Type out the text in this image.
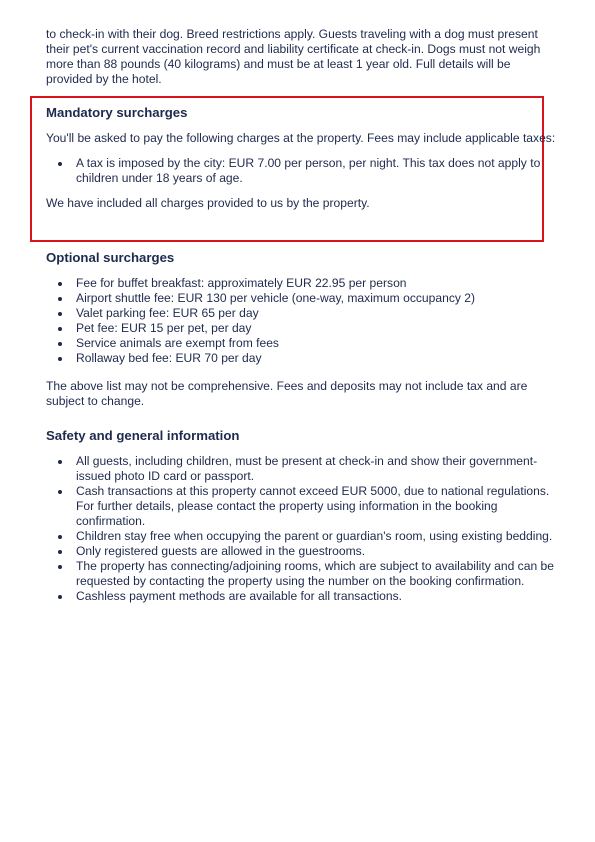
to check-in with their dog. Breed restrictions apply. Guests traveling with a dog must present their pet's current vaccination record and liability certificate at check-in. Dogs must not weigh more than 88 pounds (40 kilograms) and must be at least 1 year old. Full details will be provided by the hotel.

Mandatory surcharges

You'll be asked to pay the following charges at the property. Fees may include applicable taxes:

A tax is imposed by the city: EUR 7.00 per person, per night. This tax does not apply to children under 18 years of age.

We have included all charges provided to us by the property.

Optional surcharges
Fee for buffet breakfast: approximately EUR 22.95 per person
Airport shuttle fee: EUR 130 per vehicle (one-way, maximum occupancy 2)
Valet parking fee: EUR 65 per day
Pet fee: EUR 15 per pet, per day
Service animals are exempt from fees
Rollaway bed fee: EUR 70 per day

The above list may not be comprehensive. Fees and deposits may not include tax and are subject to change.

Safety and general information
All guests, including children, must be present at check-in and show their government-issued photo ID card or passport.
Cash transactions at this property cannot exceed EUR 5000, due to national regulations. For further details, please contact the property using information in the booking confirmation.
Children stay free when occupying the parent or guardian's room, using existing bedding.
Only registered guests are allowed in the guestrooms.
The property has connecting/adjoining rooms, which are subject to availability and can be requested by contacting the property using the number on the booking confirmation.
Cashless payment methods are available for all transactions.
